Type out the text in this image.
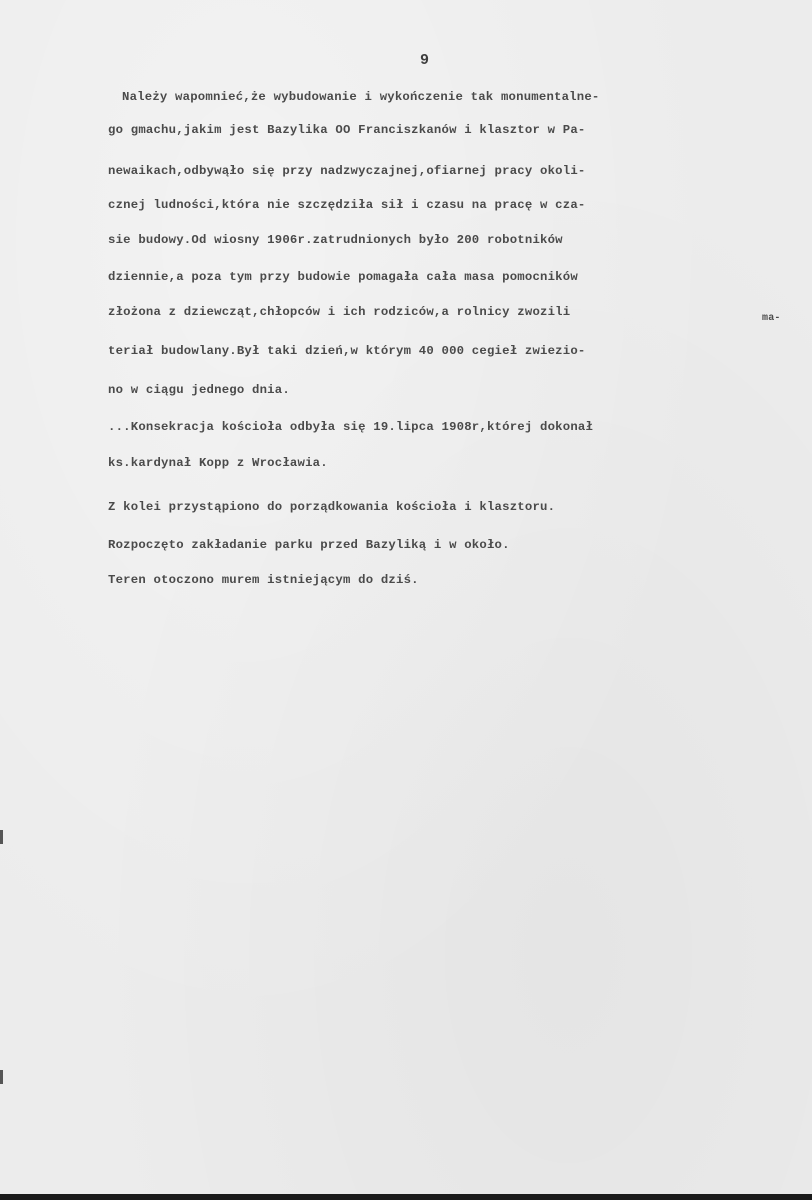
9
Należy wapomnieć,że wybudowanie i wykończenie tak monumentalne-
go gmachu,jakim jest Bazylika OO Franciszkanów i klasztor w Pa-
newaikach,odbywąło się przy nadzwyczajnej,ofiarnej pracy okoli-
cznej ludności,która nie szczędziła sił i czasu na pracę w cza-
sie budowy.Od wiosny 1906r.zatrudnionych było 200 robotników
dziennie,a poza tym przy budowie pomagała cała masa pomocników
złożona z dziewcząt,chłopców i ich rodziców,a rolnicy zwozili	ma-
teriał budowlany.Był taki dzień,w którym 40 000 cegieł zwiezio-
no w ciągu jednego dnia.
...Konsekracja kościoła odbyła się 19.lipca 1908r,której dokonał
ks.kardynał Kopp z Wrocławia.
Z kolei przystąpiono do porządkowania kościoła i klasztoru.
Rozpoczęto zakładanie parku przed Bazyliką i w około.
Teren otoczono murem istniejącym do dziś.
